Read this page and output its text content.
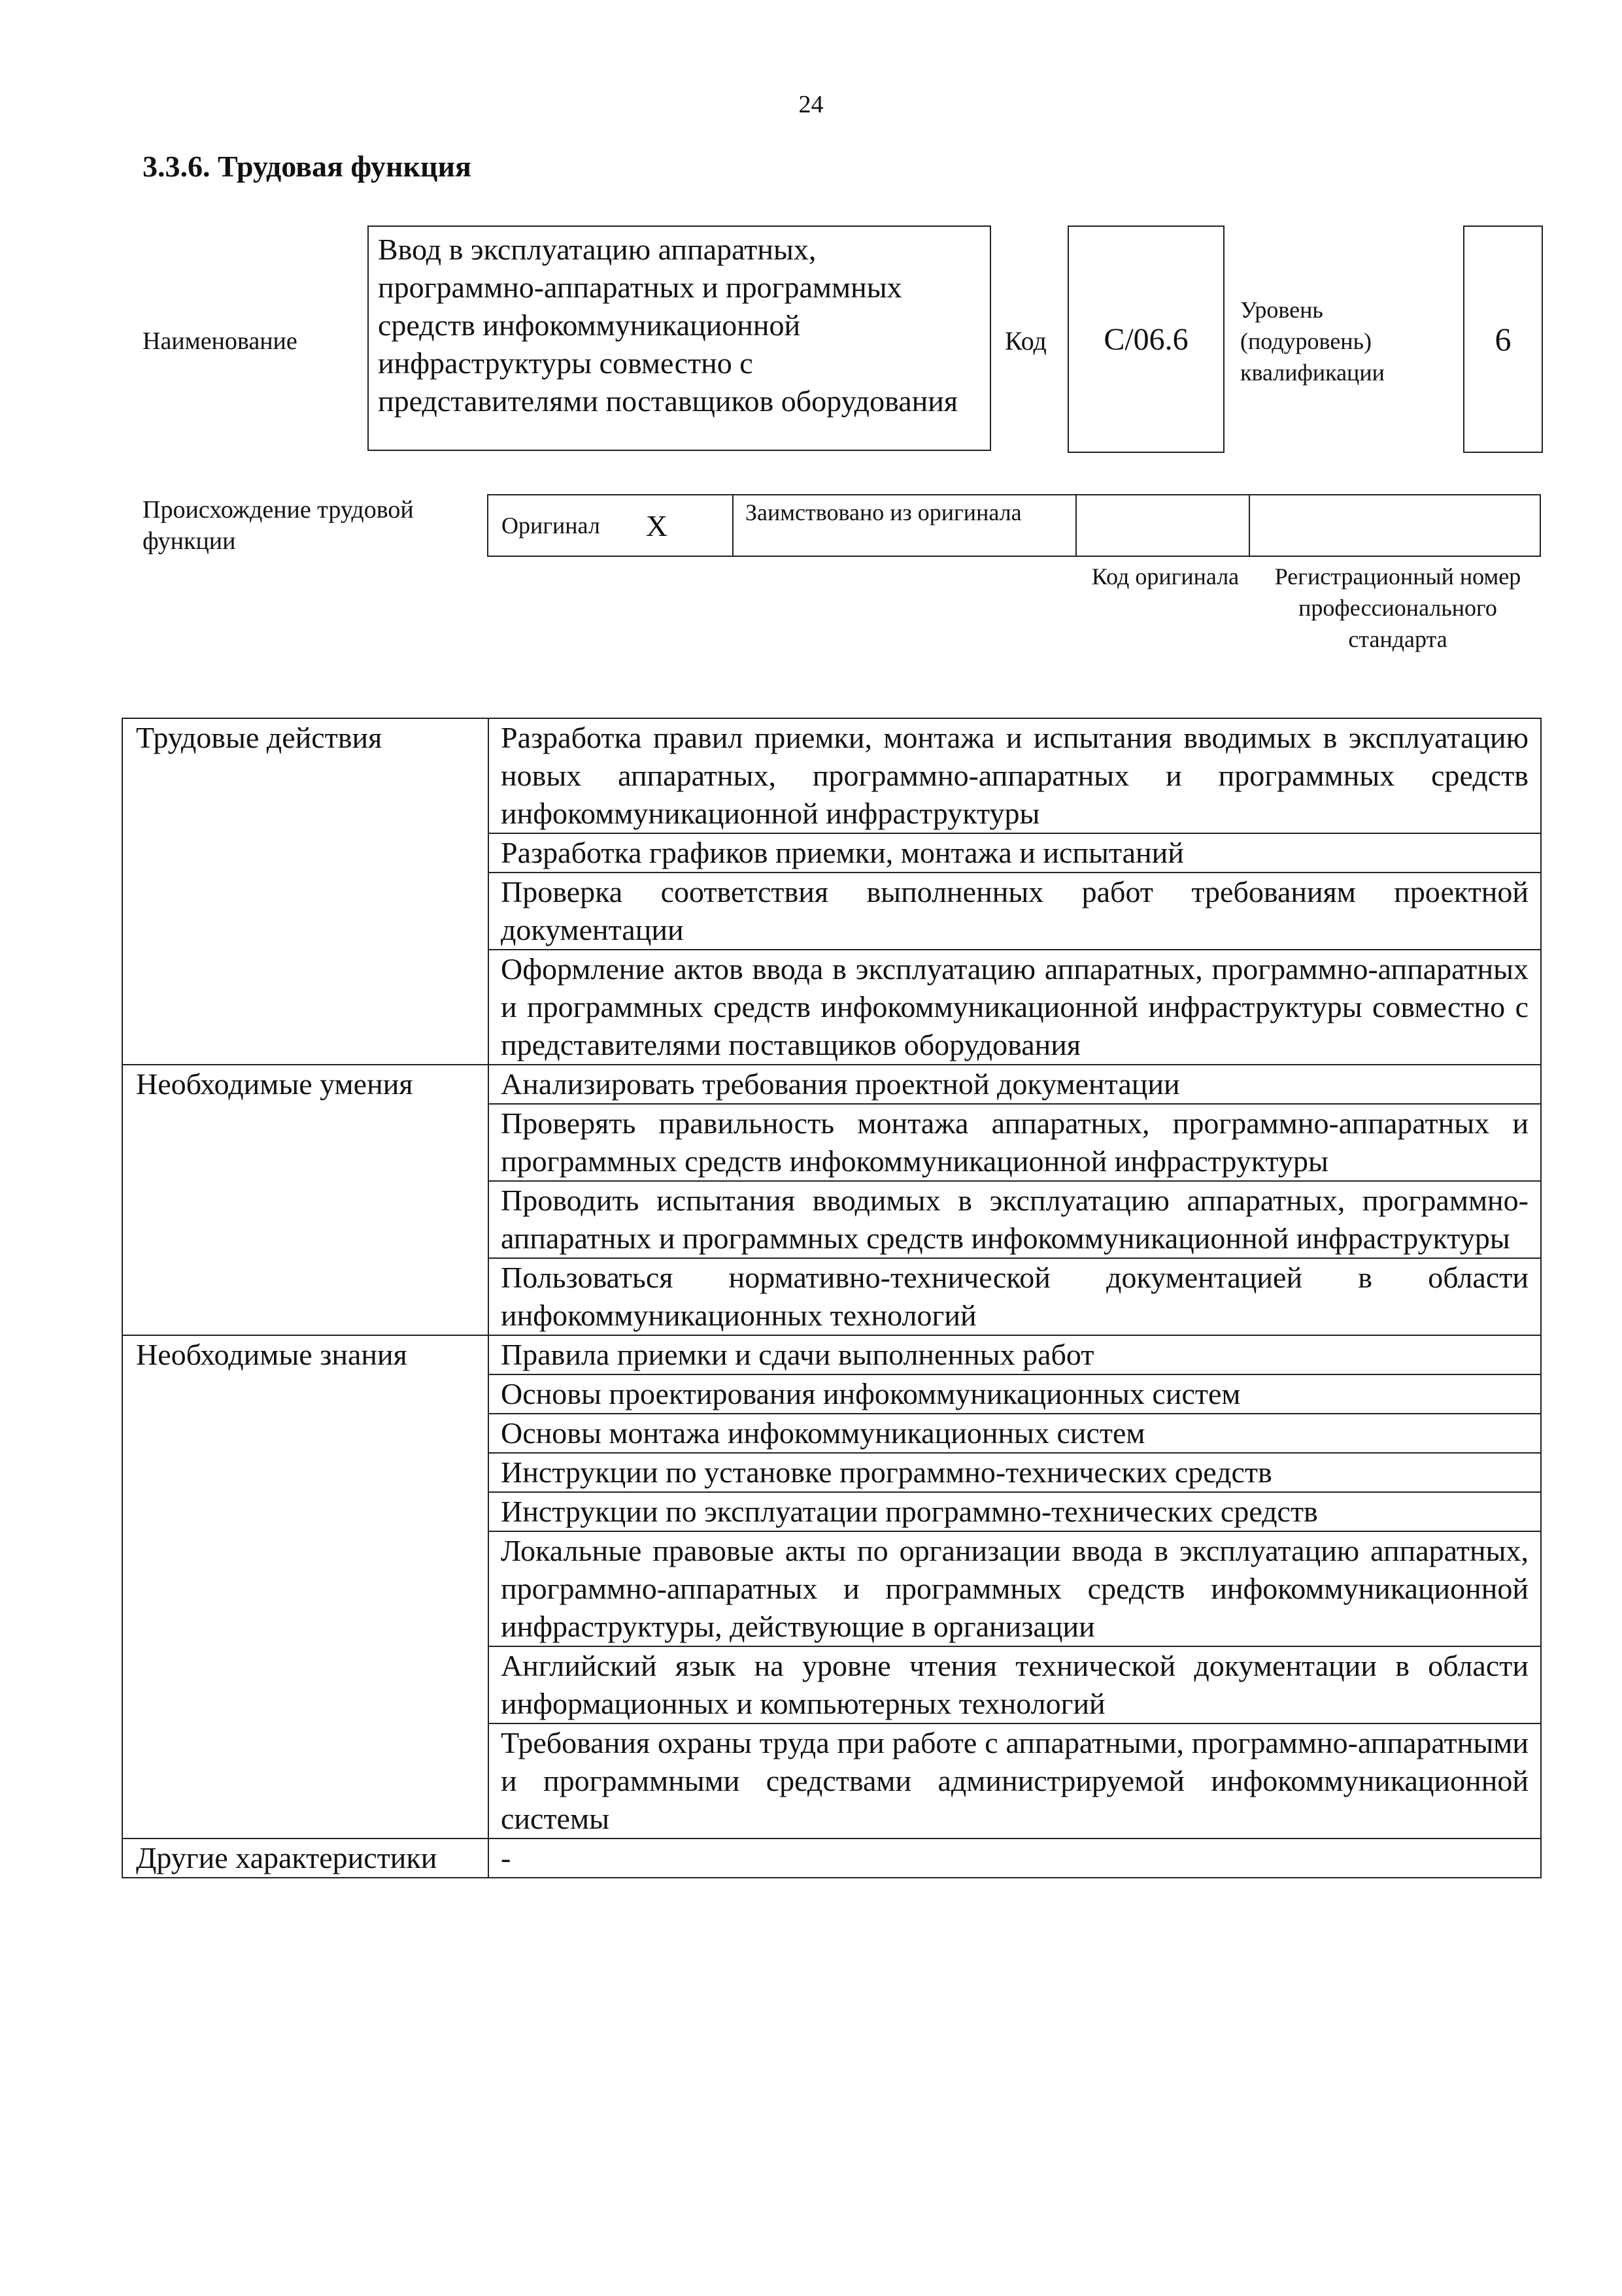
24
3.3.6. Трудовая функция
Наименование
Ввод в эксплуатацию аппаратных, программно-аппаратных и программных средств инфокоммуникационной инфраструктуры совместно с представителями поставщиков оборудования
Код	C/06.6
Уровень (подуровень) квалификации
6
Происхождение трудовой функции
Оригинал X	Заимствовано из оригинала
Код оригинала	Регистрационный номер профессионального стандарта
Трудовые действия	Разработка правил приемки, монтажа и испытания вводимых в эксплуатацию новых аппаратных, программно-аппаратных и программных средств инфокоммуникационной инфраструктуры
	Разработка графиков приемки, монтажа и испытаний
	Проверка соответствия выполненных работ требованиям проектной документации
	Оформление актов ввода в эксплуатацию аппаратных, программно-аппаратных и программных средств инфокоммуникационной инфраструктуры совместно с представителями поставщиков оборудования
Необходимые умения	Анализировать требования проектной документации
	Проверять правильность монтажа аппаратных, программно-аппаратных и программных средств инфокоммуникационной инфраструктуры
	Проводить испытания вводимых в эксплуатацию аппаратных, программно-аппаратных и программных средств инфокоммуникационной инфраструктуры
	Пользоваться нормативно-технической документацией в области инфокоммуникационных технологий
Необходимые знания	Правила приемки и сдачи выполненных работ
	Основы проектирования инфокоммуникационных систем
	Основы монтажа инфокоммуникационных систем
	Инструкции по установке программно-технических средств
	Инструкции по эксплуатации программно-технических средств
	Локальные правовые акты по организации ввода в эксплуатацию аппаратных, программно-аппаратных и программных средств инфокоммуникационной инфраструктуры, действующие в организации
	Английский язык на уровне чтения технической документации в области информационных и компьютерных технологий
	Требования охраны труда при работе с аппаратными, программно-аппаратными и программными средствами администрируемой инфокоммуникационной системы
Другие характеристики	-
